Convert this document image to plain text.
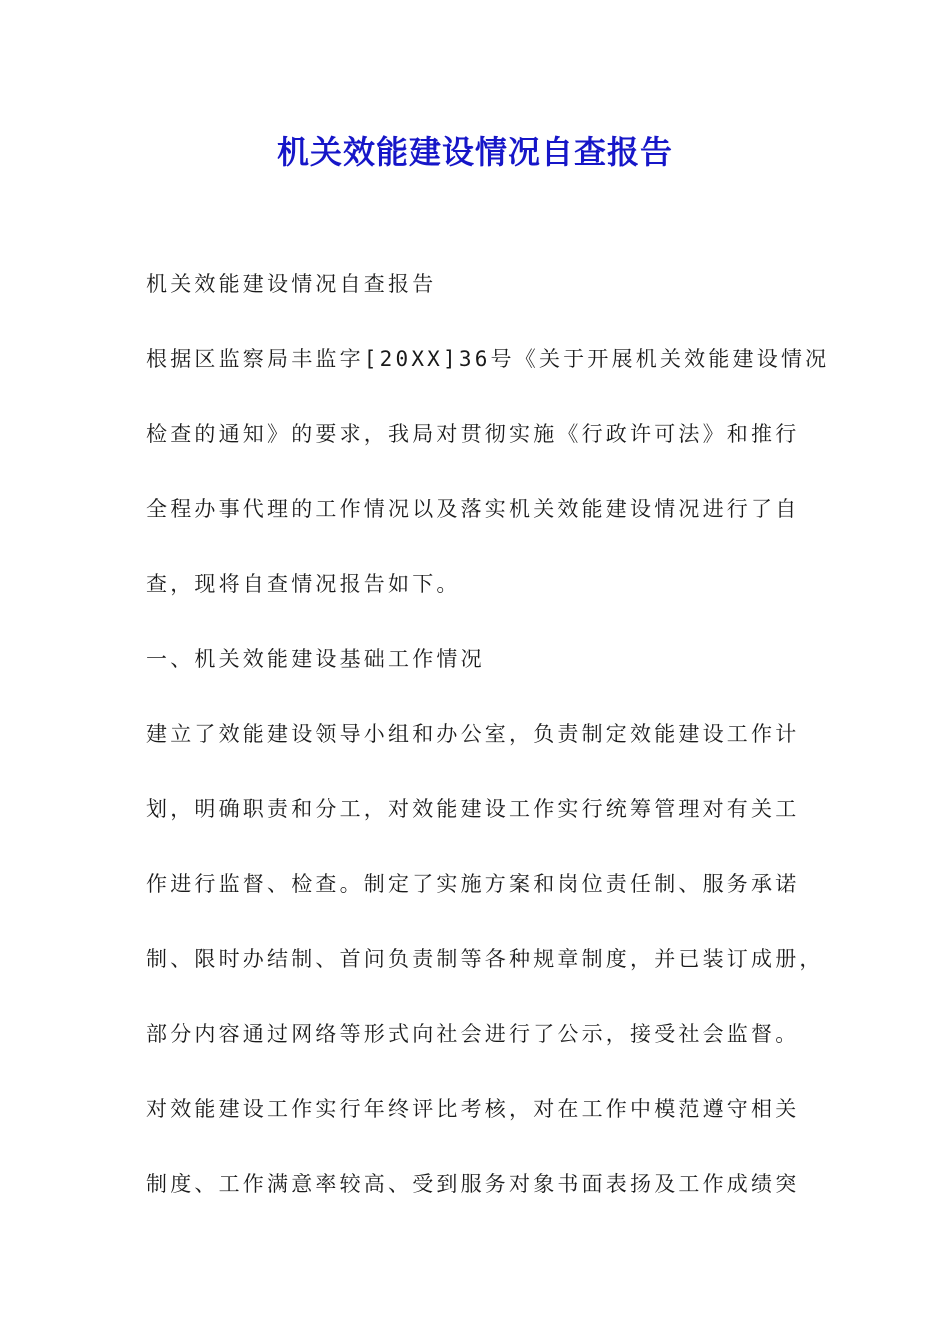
机关效能建设情况自查报告
机关效能建设情况自查报告
根据区监察局丰监字[20XX]36号《关于开展机关效能建设情况
检查的通知》的要求，我局对贯彻实施《行政许可法》和推行
全程办事代理的工作情况以及落实机关效能建设情况进行了自
查，现将自查情况报告如下。
一、机关效能建设基础工作情况
建立了效能建设领导小组和办公室，负责制定效能建设工作计
划，明确职责和分工，对效能建设工作实行统筹管理对有关工
作进行监督、检查。制定了实施方案和岗位责任制、服务承诺
制、限时办结制、首问负责制等各种规章制度，并已装订成册，
部分内容通过网络等形式向社会进行了公示，接受社会监督。
对效能建设工作实行年终评比考核，对在工作中模范遵守相关
制度、工作满意率较高、受到服务对象书面表扬及工作成绩突
